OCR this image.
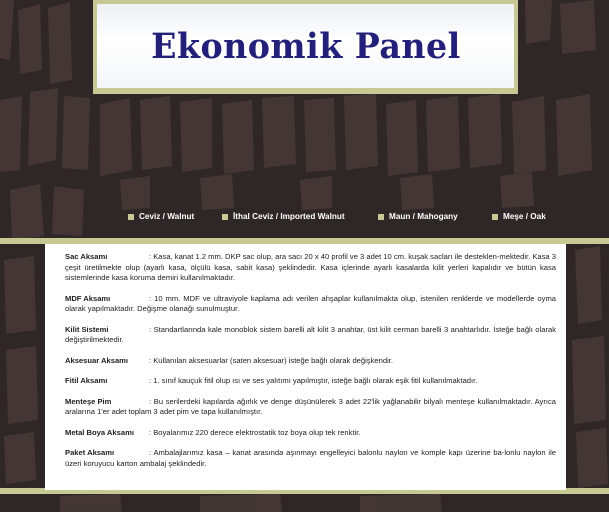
Ekonomik Panel
Ceviz / Walnut	İthal Ceviz / Imported Walnut	Maun / Mahogany	Meşe / Oak
Sac Aksamı	: Kasa, kanat 1.2 mm. DKP sac olup, ara sacı 20 x 40 profil ve 3 adet 10 cm. kuşak sacları ile desteklen-mektedir. Kasa 3 çeşit üretilmekte olup (ayarlı kasa, ölçülü kasa, sabit kasa) şeklindedir. Kasa içlerinde ayarlı kasalarda kilit yerleri kapalıdır ve bütün kasa sistemlerinde kasa koruma demiri kullanılmaktadır.
MDF Aksamı	: 10 mm. MDF ve ultraviyole kaplama adı verilen ahşaplar kullanılmakta olup, istenilen renklerde ve modellerde oyma olarak yapılmaktadır. Değişme olanağı sunulmuştur.
Kilit Sistemi	: Standartlarında kale monoblok sistem barelli alt kilit 3 anahtar, üst kilit cerman barelli 3 anahtarlıdır. İsteğe bağlı olarak değiştirilmektedir.
Aksesuar Aksamı	: Kullanılan aksesuarlar (saten aksesuar) isteğe bağlı olarak değişkendir.
Fitil Aksamı	: 1. sınıf kauçuk fitil olup ısı ve ses yalıtımı yapılmıştır, isteğe bağlı olarak eşik fitil kullanılmaktadır.
Menteşe Pim	: Bu serilerdeki kapılarda ağırlık ve denge düşünülerek 3 adet 22'lik yağlanabilir bilyalı menteşe kullanılmaktadır. Ayrıca aralarına 1'er adet toplam 3 adet pim ve tapa kullanılmıştır.
Metal Boya Aksamı : Boyalarımız 220 derece elektrostatik toz boya olup tek renktir.
Paket Aksamı	: Ambalajlarımız kasa – kanat arasında aşınmayı engelleyici balonlu naylon ve komple kapı üzerine ba-lonlu naylon ile üzeri koruyucu karton ambalaj şeklindedir.
